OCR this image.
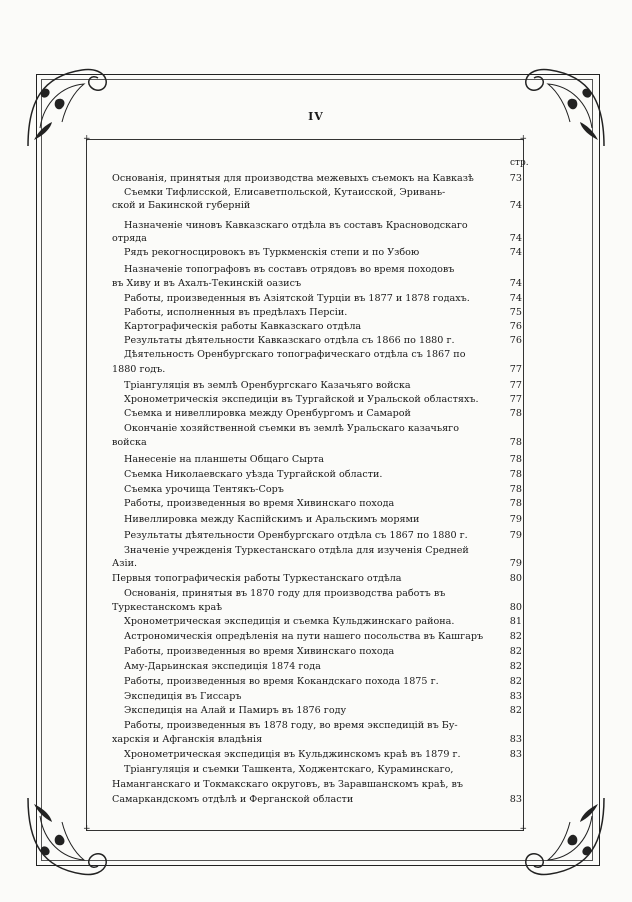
IV
+	+
+	+
стр.
Основанія, принятыя для производства межевыхъ съемокъ на Кавказѣ	73
Съемки Тифлисской, Елисаветпольской, Кутаисской, Эривань-
ской и Бакинской губерній	74
Назначеніе чиновъ Кавказскаго отдѣла въ составъ Красноводскаго
отряда	74
Рядъ рекогносцировокъ въ Туркменскія степи и по Узбою	74
Назначеніе топографовъ въ составъ отрядовъ во время походовъ
въ Хиву и въ Ахалъ-Текинскій оазисъ	74
Работы, произведенныя въ Азіятской Турціи въ 1877 и 1878 годахъ.	74
Работы, исполненныя въ предѣлахъ Персіи.	75
Картографическія работы Кавказскаго отдѣла	76
Результаты дѣятельности Кавказскаго отдѣла съ 1866 по 1880 г.	76
Дѣятельность Оренбургскаго топографическаго отдѣла съ 1867 по
1880 годъ.	77
Тріангуляція въ землѣ Оренбургскаго Казачьяго войска	77
Хронометрическія экспедиціи въ Тургайской и Уральской областяхъ.	77
Съемка и нивеллировка между Оренбургомъ и Самарой	78
Окончаніе хозяйственной съемки въ землѣ Уральскаго казачьяго
войска	78
Нанесеніе на планшеты Общаго Сырта	78
Съемка Николаевскаго уѣзда Тургайской области.	78
Съемка урочища Тентякъ-Соръ	78
Работы, произведенныя во время Хивинскаго похода	78
Нивеллировка между Каспійскимъ и Аральскимъ морями	79
Результаты дѣятельности Оренбургскаго отдѣла съ 1867 по 1880 г.	79
Значеніе учрежденія Туркестанскаго отдѣла для изученія Средней
Азіи.	79
Первыя топографическія работы Туркестанскаго отдѣла	80
Основанія, принятыя въ 1870 году для производства работъ въ
Туркестанскомъ краѣ	80
Хронометрическая экспедиція и съемка Кульджинскаго района.	81
Астрономическія опредѣленія на пути нашего посольства въ Кашгаръ	82
Работы, произведенныя во время Хивинскаго похода	82
Аму-Дарьинская экспедиція 1874 года	82
Работы, произведенныя во время Кокандскаго похода 1875 г.	82
Экспедиція въ Гиссаръ	83
Экспедиція на Алай и Памиръ въ 1876 году	82
Работы, произведенныя въ 1878 году, во время экспедицій въ Бу-
харскія и Афганскія владѣнія	83
Хронометрическая экспедиція въ Кульджинскомъ краѣ въ 1879 г.	83
Тріангуляція и съемки Ташкента, Ходжентскаго, Кураминскаго,
Наманганскаго и Токмакскаго округовъ, въ Заравшанскомъ краѣ, въ
Самаркандскомъ отдѣлѣ и Ферганской области	83
